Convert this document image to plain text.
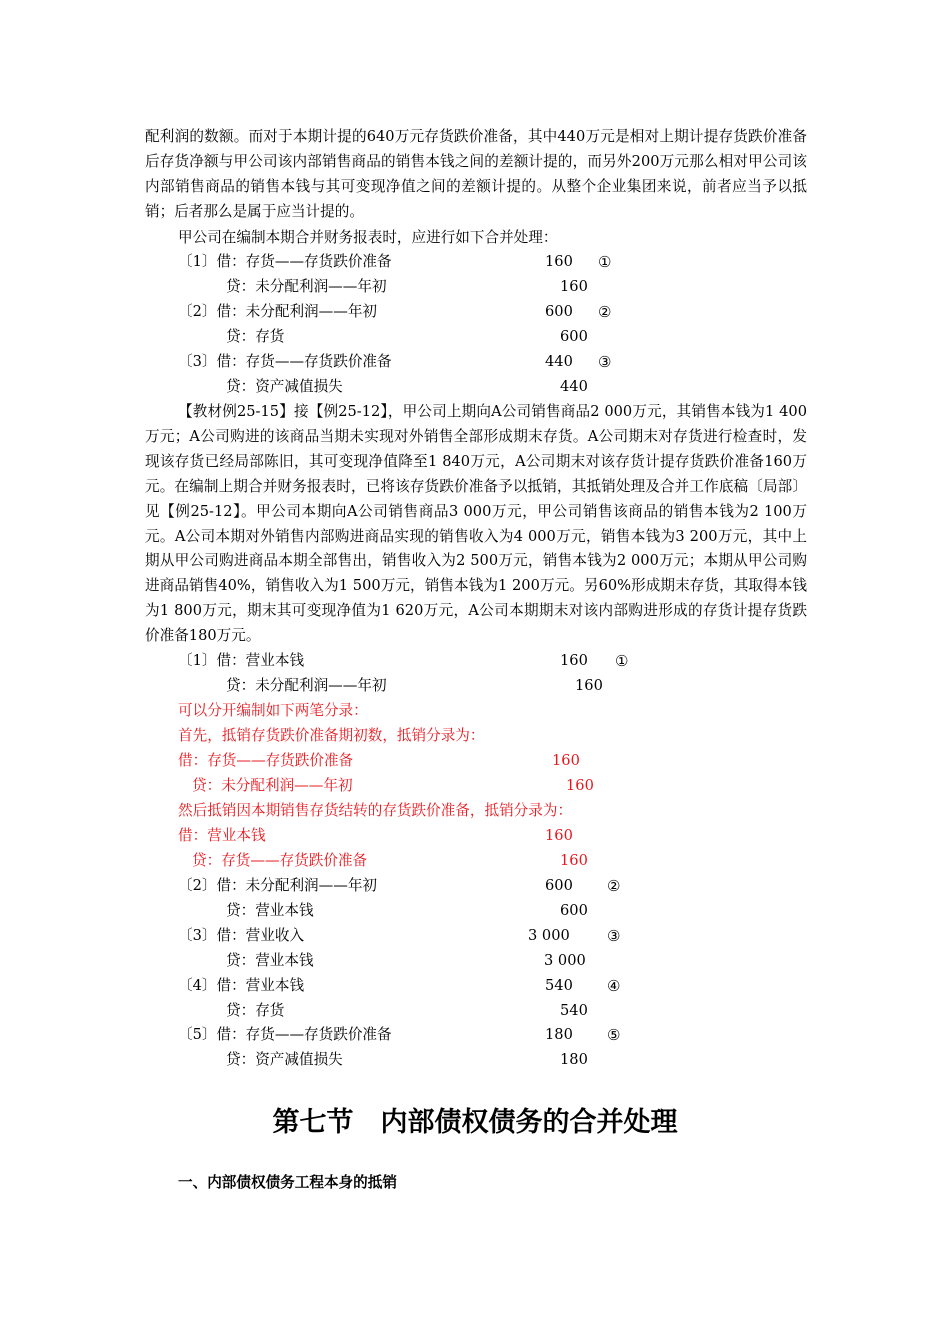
配利润的数额。而对于本期计提的640万元存货跌价准备，其中440万元是相对上期计提存货跌价准备后存货净额与甲公司该内部销售商品的销售本钱之间的差额计提的，而另外200万元那么相对甲公司该内部销售商品的销售本钱与其可变现净值之间的差额计提的。从整个企业集团来说，前者应当予以抵销；后者那么是属于应当计提的。
甲公司在编制本期合并财务报表时，应进行如下合并处理：
〔1〕借：存货——存货跌价准备	160 ①
贷：未分配利润——年初	160
〔2〕借：未分配利润——年初	600 ②
贷：存货	600
〔3〕借：存货——存货跌价准备	440 ③
贷：资产减值损失	440
【教材例25-15】接【例25-12】，甲公司上期向A公司销售商品2 000万元，其销售本钱为1 400万元；A公司购进的该商品当期未实现对外销售全部形成期末存货。A公司期末对存货进行检查时，发现该存货已经局部陈旧，其可变现净值降至1 840万元，A公司期末对该存货计提存货跌价准备160万元。在编制上期合并财务报表时，已将该存货跌价准备予以抵销，其抵销处理及合并工作底稿〔局部〕见【例25-12】。甲公司本期向A公司销售商品3 000万元，甲公司销售该商品的销售本钱为2 100万元。A公司本期对外销售内部购进商品实现的销售收入为4 000万元，销售本钱为3 200万元，其中上期从甲公司购进商品本期全部售出，销售收入为2 500万元，销售本钱为2 000万元；本期从甲公司购进商品销售40%，销售收入为1 500万元，销售本钱为1 200万元。另60%形成期末存货，其取得本钱为1 800万元，期末其可变现净值为1 620万元，A公司本期期末对该内部购进形成的存货计提存货跌价准备180万元。
〔1〕借：营业本钱	160 ①
贷：未分配利润——年初	160
可以分开编制如下两笔分录：
首先，抵销存货跌价准备期初数，抵销分录为：
借：存货——存货跌价准备	160
贷：未分配利润——年初	160
然后抵销因本期销售存货结转的存货跌价准备，抵销分录为：
借：营业本钱	160
贷：存货——存货跌价准备	160
〔2〕借：未分配利润——年初	600 ②
贷：营业本钱	600
〔3〕借：营业收入	3 000 ③
贷：营业本钱	3 000
〔4〕借：营业本钱	540 ④
贷：存货	540
〔5〕借：存货——存货跌价准备	180 ⑤
贷：资产减值损失	180
第七节　内部债权债务的合并处理
一、内部债权债务工程本身的抵销
